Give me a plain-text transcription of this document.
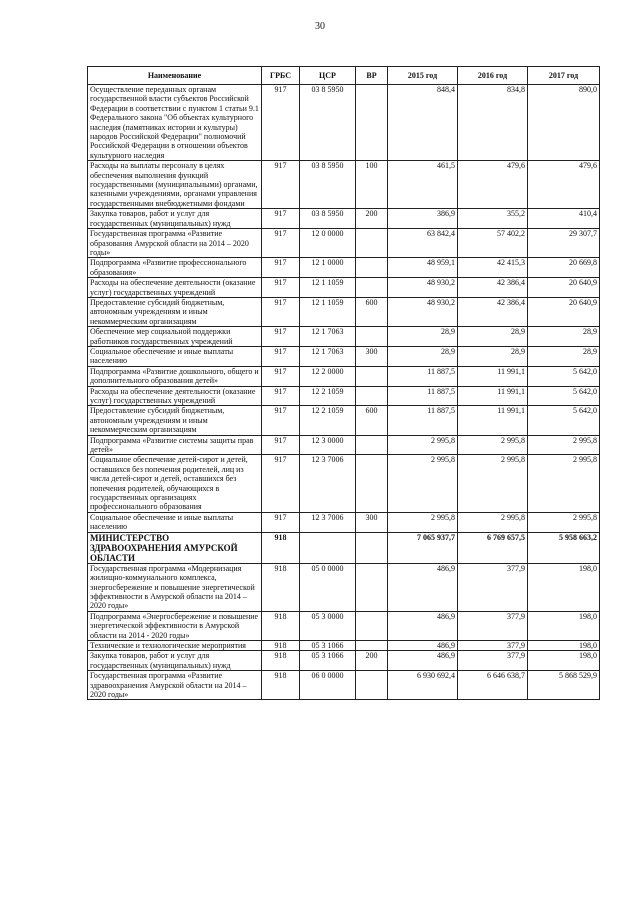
30
Наименование	ГРБС	ЦСР	ВР	2015 год	2016 год	2017 год
Осуществление переданных органам государственной власти субъектов Российской Федерации в соответствии с пунктом 1 статьи 9.1 Федерального закона "Об объектах культурного наследия (памятниках истории и культуры) народов Российской Федерации" полномочий Российской Федерации в отношении объектов культурного наследия	917	03 8 5950		848,4	834,8	890,0
Расходы на выплаты персоналу в целях обеспечения выполнения функций государственными (муниципальными) органами, казенными учреждениями, органами управления государственными внебюджетными фондами	917	03 8 5950	100	461,5	479,6	479,6
Закупка товаров, работ и услуг для государственных (муниципальных) нужд	917	03 8 5950	200	386,9	355,2	410,4
Государственная программа «Развитие образования Амурской области на 2014 – 2020 годы»	917	12 0 0000		63 842,4	57 402,2	29 307,7
Подпрограмма «Развитие профессионального образования»	917	12 1 0000		48 959,1	42 415,3	20 669,8
Расходы на обеспечение деятельности (оказание услуг) государственных учреждений	917	12 1 1059		48 930,2	42 386,4	20 640,9
Предоставление субсидий бюджетным, автономным учреждениям и иным некоммерческим организациям	917	12 1 1059	600	48 930,2	42 386,4	20 640,9
Обеспечение мер социальной поддержки работников государственных учреждений	917	12 1 7063		28,9	28,9	28,9
Социальное обеспечение и иные выплаты населению	917	12 1 7063	300	28,9	28,9	28,9
Подпрограмма «Развитие дошкольного, общего и дополнительного образования детей»	917	12 2 0000		11 887,5	11 991,1	5 642,0
Расходы на обеспечение деятельности (оказание услуг) государственных учреждений	917	12 2 1059		11 887,5	11 991,1	5 642,0
Предоставление субсидий бюджетным, автономным учреждениям и иным некоммерческим организациям	917	12 2 1059	600	11 887,5	11 991,1	5 642,0
Подпрограмма «Развитие системы защиты прав детей»	917	12 3 0000		2 995,8	2 995,8	2 995,8
Социальное обеспечение детей-сирот и детей, оставшихся без попечения родителей, лиц из числа детей-сирот и детей, оставшихся без попечения родителей, обучающихся в государственных организациях профессионального образования	917	12 3 7006		2 995,8	2 995,8	2 995,8
Социальное обеспечение и иные выплаты населению	917	12 3 7006	300	2 995,8	2 995,8	2 995,8
МИНИСТЕРСТВО ЗДРАВООХРАНЕНИЯ АМУРСКОЙ ОБЛАСТИ	918			7 065 937,7	6 769 657,5	5 958 663,2
Государственная программа «Модернизация жилищно-коммунального комплекса, энергосбережение и повышение энергетической эффективности в Амурской области на 2014 – 2020 годы»	918	05 0 0000		486,9	377,9	198,0
Подпрограмма «Энергосбережение и повышение энергетической эффективности в Амурской области на 2014 - 2020 годы»	918	05 3 0000		486,9	377,9	198,0
Технические и технологические мероприятия	918	05 3 1066		486,9	377,9	198,0
Закупка товаров, работ и услуг для государственных (муниципальных) нужд	918	05 3 1066	200	486,9	377,9	198,0
Государственная программа «Развитие здравоохранения Амурской области на 2014 – 2020 годы»	918	06 0 0000		6 930 692,4	6 646 638,7	5 868 529,9
